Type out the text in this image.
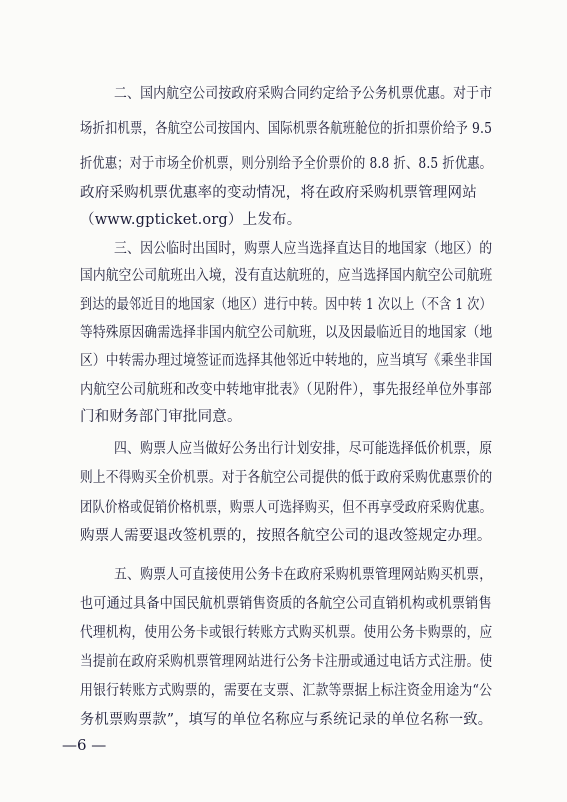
二、国内航空公司按政府采购合同约定给予公务机票优惠。对于市
场折扣机票，各航空公司按国内、国际机票各航班舱位的折扣票价给予 9.5
折优惠；对于市场全价机票，则分别给予全价票价的 8.8 折、8.5 折优惠。
政府采购机票优惠率的变动情况，将在政府采购机票管理网站
（www.gpticket.org）上发布。
三、因公临时出国时，购票人应当选择直达目的地国家（地区）的
国内航空公司航班出入境，没有直达航班的，应当选择国内航空公司航班
到达的最邻近目的地国家（地区）进行中转。因中转 1 次以上（不含 1 次）
等特殊原因确需选择非国内航空公司航班，以及因最临近目的地国家（地
区）中转需办理过境签证而选择其他邻近中转地的，应当填写《乘坐非国
内航空公司航班和改变中转地审批表》（见附件），事先报经单位外事部
门和财务部门审批同意。
四、购票人应当做好公务出行计划安排，尽可能选择低价机票，原
则上不得购买全价机票。对于各航空公司提供的低于政府采购优惠票价的
团队价格或促销价格机票，购票人可选择购买，但不再享受政府采购优惠。
购票人需要退改签机票的，按照各航空公司的退改签规定办理。
五、购票人可直接使用公务卡在政府采购机票管理网站购买机票，
也可通过具备中国民航机票销售资质的各航空公司直销机构或机票销售
代理机构，使用公务卡或银行转账方式购买机票。使用公务卡购票的，应
当提前在政府采购机票管理网站进行公务卡注册或通过电话方式注册。使
用银行转账方式购票的，需要在支票、汇款等票据上标注资金用途为“公
务机票购票款”，填写的单位名称应与系统记录的单位名称一致。
—6 —
